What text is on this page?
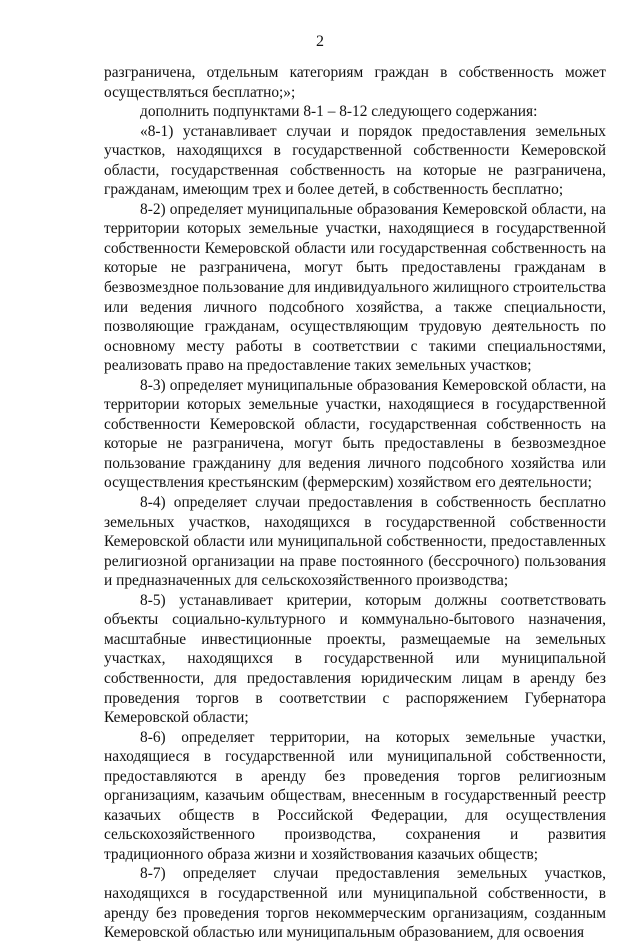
2

разграничена, отдельным категориям граждан в собственность может осуществляться бесплатно;»;

дополнить подпунктами 8-1 – 8-12 следующего содержания:

«8-1) устанавливает случаи и порядок предоставления земельных участков, находящихся в государственной собственности Кемеровской области, государственная собственность на которые не разграничена, гражданам, имеющим трех и более детей, в собственность бесплатно;

8-2) определяет муниципальные образования Кемеровской области, на территории которых земельные участки, находящиеся в государственной собственности Кемеровской области или государственная собственность на которые не разграничена, могут быть предоставлены гражданам в безвозмездное пользование для индивидуального жилищного строительства или ведения личного подсобного хозяйства, а также специальности, позволяющие гражданам, осуществляющим трудовую деятельность по основному месту работы в соответствии с такими специальностями, реализовать право на предоставление таких земельных участков;

8-3) определяет муниципальные образования Кемеровской области, на территории которых земельные участки, находящиеся в государственной собственности Кемеровской области, государственная собственность на которые не разграничена, могут быть предоставлены в безвозмездное пользование гражданину для ведения личного подсобного хозяйства или осуществления крестьянским (фермерским) хозяйством его деятельности;

8-4) определяет случаи предоставления в собственность бесплатно земельных участков, находящихся в государственной собственности Кемеровской области или муниципальной собственности, предоставленных религиозной организации на праве постоянного (бессрочного) пользования и предназначенных для сельскохозяйственного производства;

8-5) устанавливает критерии, которым должны соответствовать объекты социально-культурного и коммунально-бытового назначения, масштабные инвестиционные проекты, размещаемые на земельных участках, находящихся в государственной или муниципальной собственности, для предоставления юридическим лицам в аренду без проведения торгов в соответствии с распоряжением Губернатора Кемеровской области;

8-6) определяет территории, на которых земельные участки, находящиеся в государственной или муниципальной собственности, предоставляются в аренду без проведения торгов религиозным организациям, казачьим обществам, внесенным в государственный реестр казачьих обществ в Российской Федерации, для осуществления сельскохозяйственного производства, сохранения и развития традиционного образа жизни и хозяйствования казачьих обществ;

8-7) определяет случаи предоставления земельных участков, находящихся в государственной или муниципальной собственности, в аренду без проведения торгов некоммерческим организациям, созданным Кемеровской областью или муниципальным образованием, для освоения
